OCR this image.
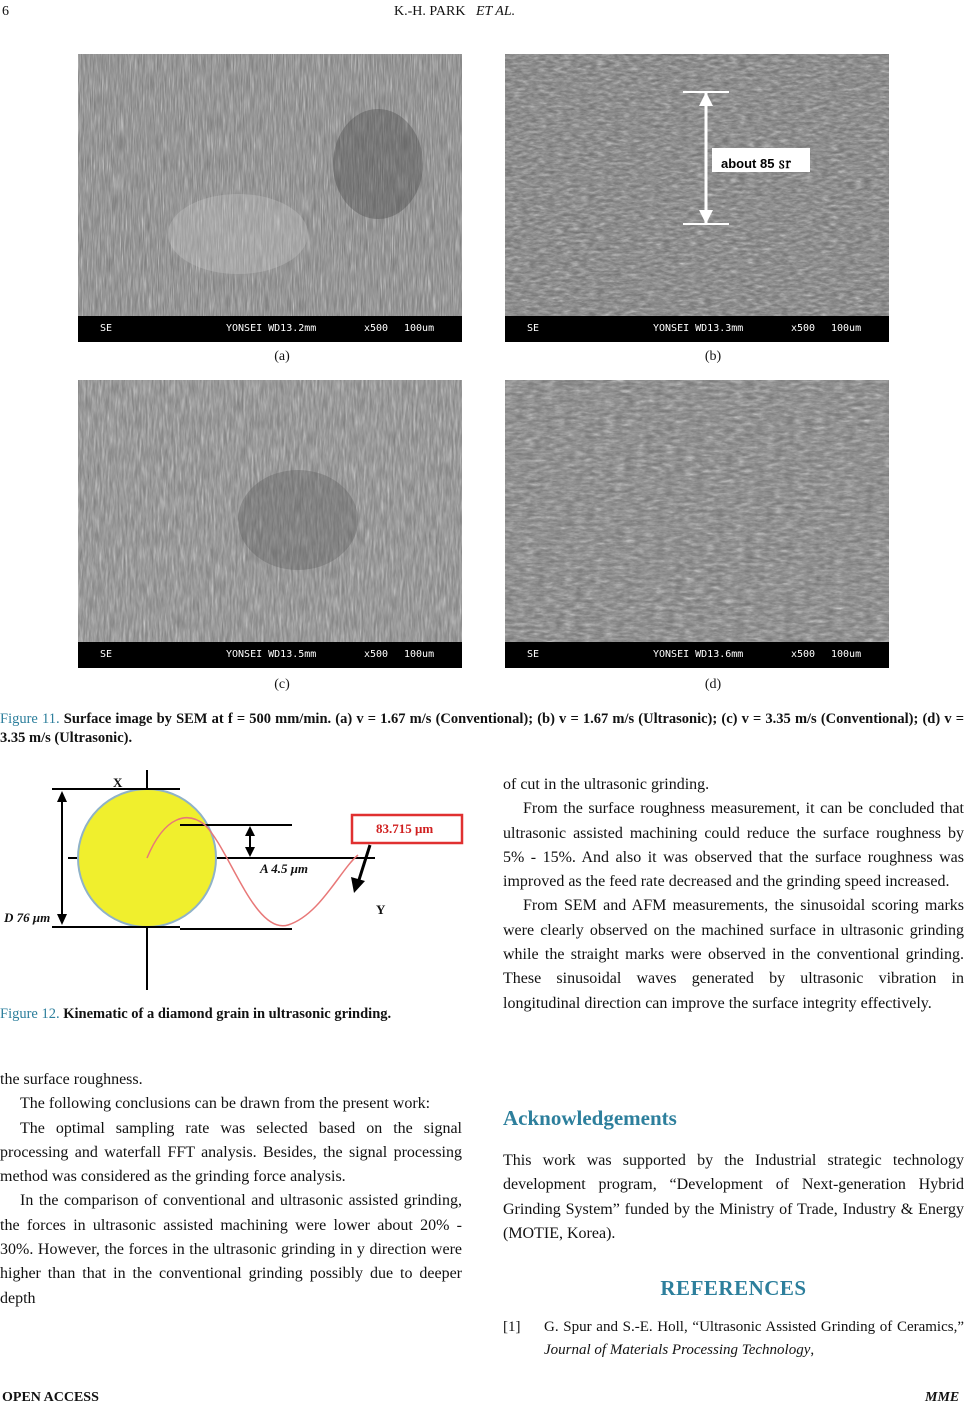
6	K.-H. PARK ET AL.
SE	YONSEI WD13.2mm	x500 100um
about 85 ㏛
SE	YONSEI WD13.3mm	x500 100um
(a)	(b)
SE	YONSEI WD13.5mm	x500 100um	SE	YONSEI WD13.6mm	x500 100um
(c)	(d)
Figure 11. Surface image by SEM at f = 500 mm/min. (a) v = 1.67 m/s (Conventional); (b) v = 1.67 m/s (Ultrasonic); (c) v = 3.35 m/s (Conventional); (d) v = 3.35 m/s (Ultrasonic).
X
Y
D 76 μm
A 4.5 μm
83.715 μm
Figure 12. Kinematic of a diamond grain in ultrasonic grinding.

the surface roughness.

The following conclusions can be drawn from the present work:

The optimal sampling rate was selected based on the signal processing and waterfall FFT analysis. Besides, the signal processing method was considered as the grinding force analysis.

In the comparison of conventional and ultrasonic assisted grinding, the forces in ultrasonic assisted machining were lower about 20% - 30%. However, the forces in the ultrasonic grinding in y direction were higher than that in the conventional grinding possibly due to deeper depth

of cut in the ultrasonic grinding.

From the surface roughness measurement, it can be concluded that ultrasonic assisted machining could reduce the surface roughness by 5% - 15%. And also it was observed that the surface roughness was improved as the feed rate decreased and the grinding speed increased.

From SEM and AFM measurements, the sinusoidal scoring marks were clearly observed on the machined surface in ultrasonic grinding while the straight marks were observed in the conventional grinding. These sinusoidal waves generated by ultrasonic vibration in longitudinal direction can improve the surface integrity effectively.

Acknowledgements

This work was supported by the Industrial strategic technology development program, “Development of Next-generation Hybrid Grinding System” funded by the Ministry of Trade, Industry & Energy (MOTIE, Korea).

REFERENCES
[1] G. Spur and S.-E. Holl, “Ultrasonic Assisted Grinding of Ceramics,” Journal of Materials Processing Technology,
OPEN ACCESS	MME
